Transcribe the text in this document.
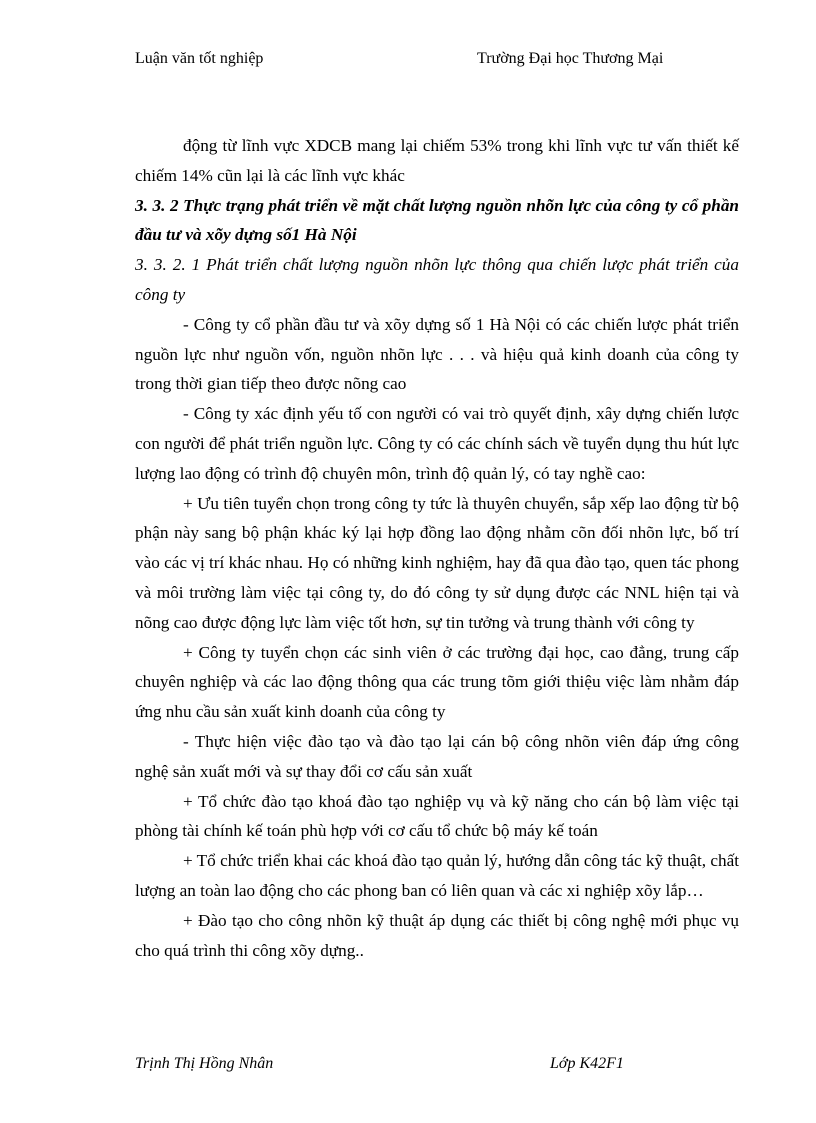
Luận văn tốt nghiệp	Trường Đại học Thương Mại

động từ lĩnh vực XDCB mang lại chiếm 53% trong khi lĩnh vực tư vấn thiết kế chiếm 14% cũn lại là các lĩnh vực khác

3. 3. 2 Thực trạng phát triển về mặt chất lượng nguồn nhõn lực của công ty cổ phần đầu tư và xõy dựng số1 Hà Nội

3. 3. 2. 1 Phát triển chất lượng nguồn nhõn lực thông qua chiến lược phát triển của công ty

- Công ty cổ phần đầu tư và xõy dựng số 1 Hà Nội có các chiến lược phát triển nguồn lực như nguồn vốn, nguồn nhõn lực . . . và hiệu quả kinh doanh của công ty trong thời gian tiếp theo được nõng cao

- Công ty xác định yếu tố con người có vai trò quyết định, xây dựng chiến lược con người để phát triển nguồn lực. Công ty có các chính sách về tuyển dụng thu hút lực lượng lao động có trình độ chuyên môn, trình độ quản lý, có tay nghề cao:

+ Ưu tiên tuyển chọn trong công ty tức là thuyên chuyển, sắp xếp lao động từ bộ phận này sang bộ phận khác ký lại hợp đồng lao động nhằm cõn đối nhõn lực, bố trí vào các vị trí khác nhau. Họ có những kinh nghiệm, hay đã qua đào tạo, quen tác phong và môi trường làm việc tại công ty, do đó công ty sử dụng được các NNL hiện tại và nõng cao được động lực làm việc tốt hơn, sự tin tưởng và trung thành với công ty

+ Công ty tuyển chọn các sinh viên ở các trường đại học, cao đẳng, trung cấp chuyên nghiệp và các lao động thông qua các trung tõm giới thiệu việc làm nhằm đáp ứng nhu cầu sản xuất kinh doanh của công ty

- Thực hiện việc đào tạo và đào tạo lại cán bộ công nhõn viên đáp ứng công nghệ sản xuất mới và sự thay đổi cơ cấu sản xuất

+ Tổ chức đào tạo khoá đào tạo nghiệp vụ và kỹ năng cho cán bộ làm việc tại phòng tài chính kế toán phù hợp với cơ cấu tổ chức bộ máy kế toán

+ Tổ chức triển khai các khoá đào tạo quản lý, hướng dẫn công tác kỹ thuật, chất lượng an toàn lao động cho các phong ban có liên quan và các xi nghiệp xõy lắp…

+ Đào tạo cho công nhõn kỹ thuật áp dụng các thiết bị công nghệ mới phục vụ cho quá trình thi công xõy dựng..

Trịnh Thị Hồng Nhân	Lớp K42F1
